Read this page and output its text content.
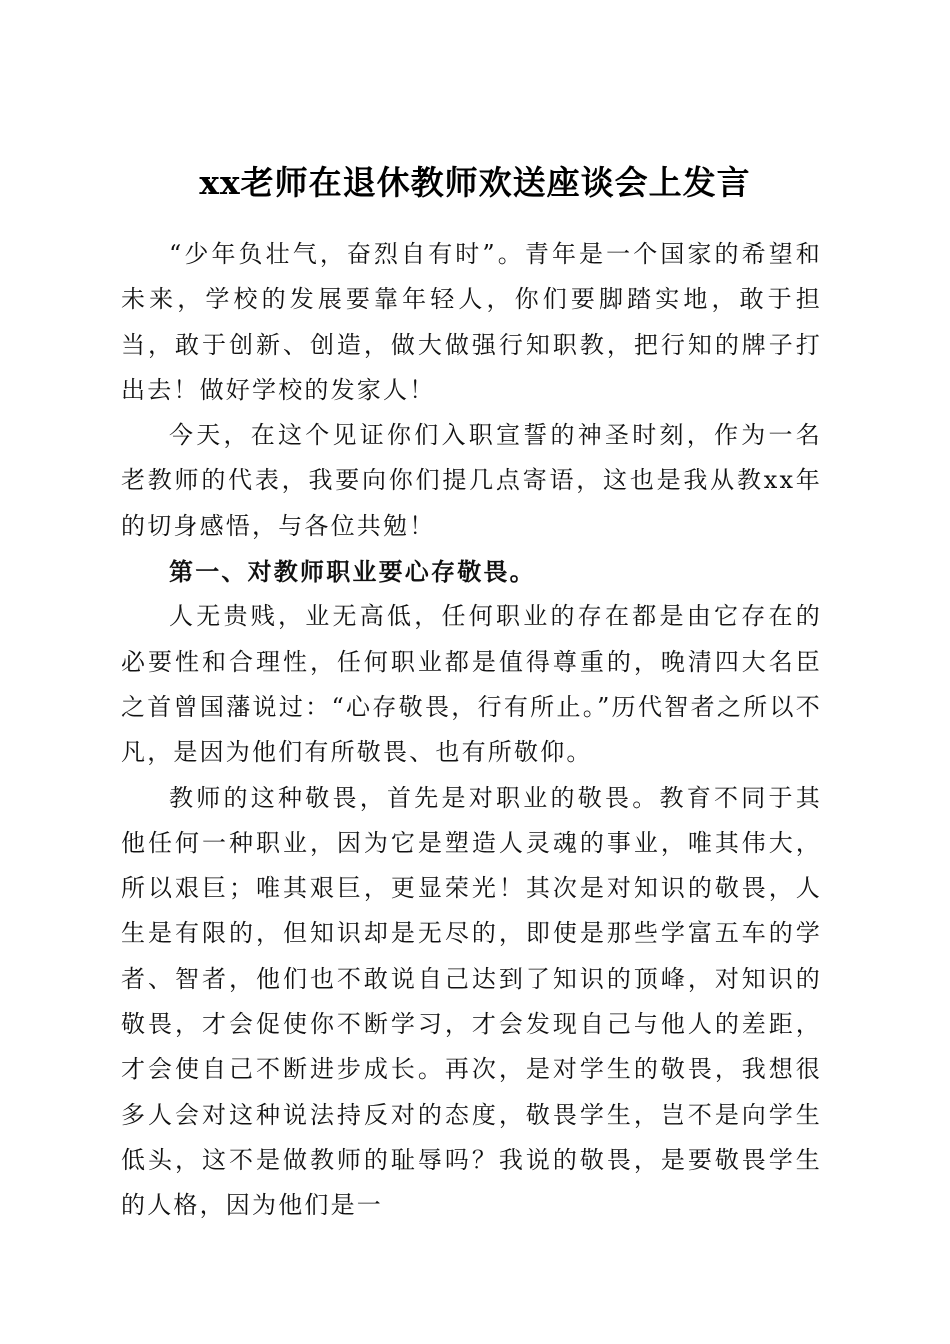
xx老师在退休教师欢送座谈会上发言

“少年负壮气，奋烈自有时”。青年是一个国家的希望和未来，学校的发展要靠年轻人，你们要脚踏实地，敢于担当，敢于创新、创造，做大做强行知职教，把行知的牌子打出去！做好学校的发家人！

今天，在这个见证你们入职宣誓的神圣时刻，作为一名老教师的代表，我要向你们提几点寄语，这也是我从教xx年的切身感悟，与各位共勉！

第一、对教师职业要心存敬畏。

人无贵贱，业无高低，任何职业的存在都是由它存在的必要性和合理性，任何职业都是值得尊重的，晚清四大名臣之首曾国藩说过：“心存敬畏，行有所止。”历代智者之所以不凡，是因为他们有所敬畏、也有所敬仰。

教师的这种敬畏，首先是对职业的敬畏。教育不同于其他任何一种职业，因为它是塑造人灵魂的事业，唯其伟大，所以艰巨；唯其艰巨，更显荣光！其次是对知识的敬畏，人生是有限的，但知识却是无尽的，即使是那些学富五车的学者、智者，他们也不敢说自己达到了知识的顶峰，对知识的敬畏，才会促使你不断学习，才会发现自己与他人的差距，才会使自己不断进步成长。再次，是对学生的敬畏，我想很多人会对这种说法持反对的态度，敬畏学生，岂不是向学生低头，这不是做教师的耻辱吗？我说的敬畏，是要敬畏学生的人格，因为他们是一
